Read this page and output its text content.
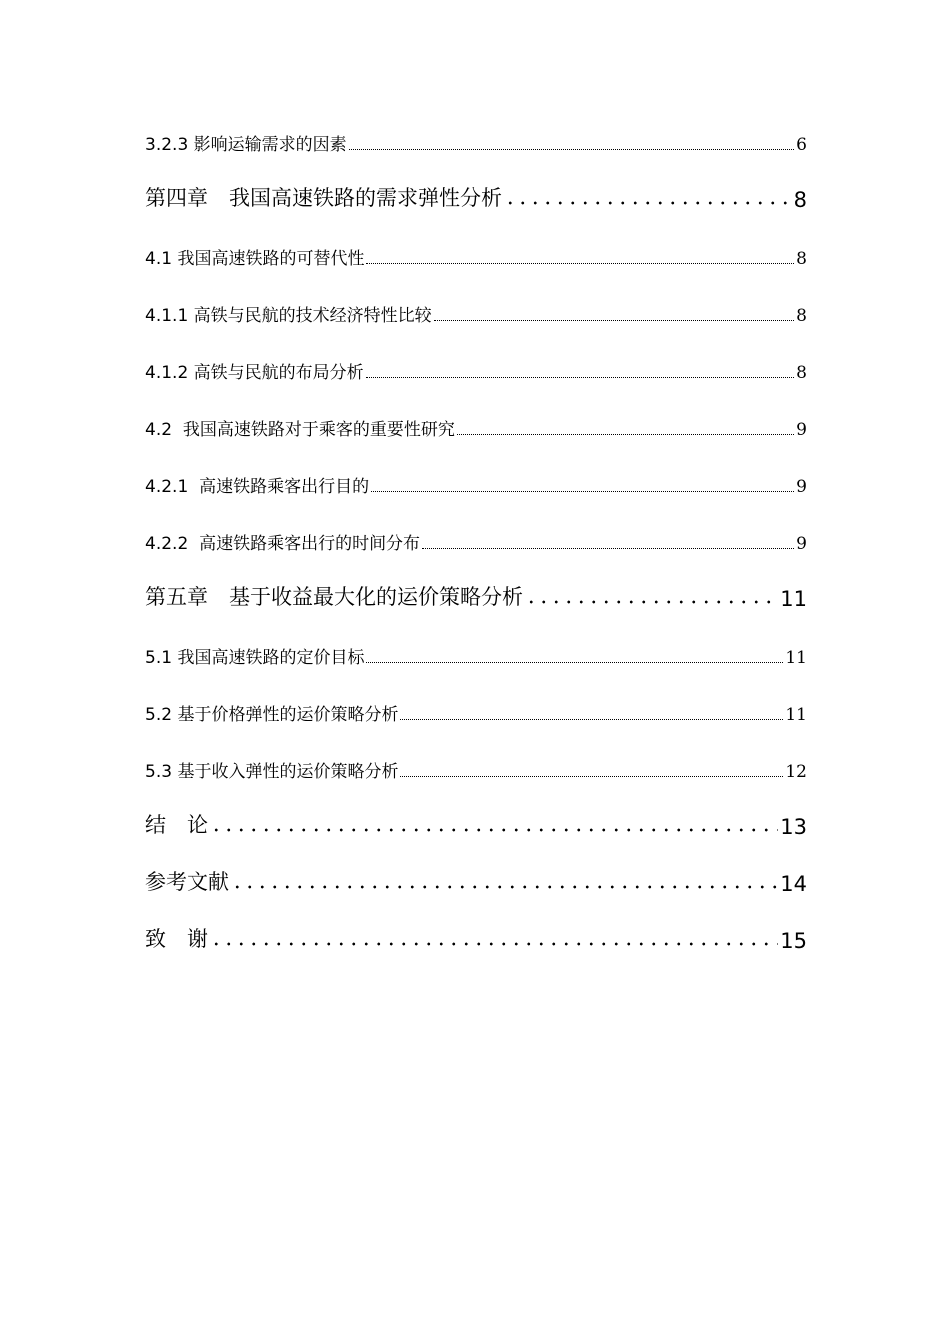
3.2.3 影响运输需求的因素	6
第四章　我国高速铁路的需求弹性分析	8
4.1 我国高速铁路的可替代性	8
4.1.1 高铁与民航的技术经济特性比较	8
4.1.2 高铁与民航的布局分析	8
4.2  我国高速铁路对于乘客的重要性研究	9
4.2.1  高速铁路乘客出行目的	9
4.2.2  高速铁路乘客出行的时间分布	9
第五章　基于收益最大化的运价策略分析	11
5.1 我国高速铁路的定价目标	11
5.2 基于价格弹性的运价策略分析	11
5.3 基于收入弹性的运价策略分析	12
结　论	13
参考文献	14
致　谢	15
